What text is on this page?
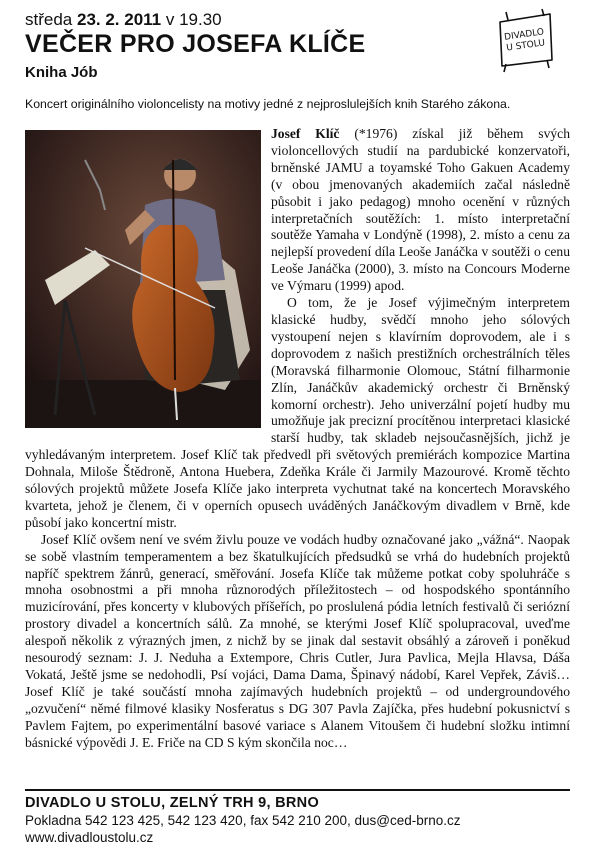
středa 23. 2. 2011 v 19.30
VEČER PRO JOSEFA KLÍČE
Kniha Jób
DIVADLO
U STOLU
Koncert originálního violoncelisty na motivy jedné z nejproslulejších knih Starého zákona.

Josef Klíč (*1976) získal již během svých violoncellových studií na pardubické konzervatoři, brněnské JAMU a toyamské Toho Gakuen Academy (v obou jmenovaných akademiích začal následně působit i jako pedagog) mnoho ocenění v různých interpretačních soutěžích: 1. místo interpretační soutěže Yamaha v Londýně (1998), 2. místo a cenu za nejlepší provedení díla Leoše Janáčka v soutěži o cenu Leoše Janáčka (2000), 3. místo na Concours Moderne ve Výmaru (1999) apod.

O tom, že je Josef výjimečným interpretem klasické hudby, svědčí mnoho jeho sólových vystoupení nejen s klavírním doprovodem, ale i s doprovodem z našich prestižních orchestrálních těles (Moravská filharmonie Olomouc, Státní filharmonie Zlín, Janáčkův akademický orchestr či Brněnský komorní orchestr). Jeho univerzální pojetí hudby mu umožňuje jak precizní procítěnou interpretaci klasické starší hudby, tak skladeb nejsoučasnějších, jichž je vyhledávaným interpretem. Josef Klíč tak předvedl při světových premiérách kompozice Martina Dohnala, Miloše Štědroně, Antona Huebera, Zdeňka Krále či Jarmily Mazourové. Kromě těchto sólových projektů můžete Josefa Klíče jako interpreta vychutnat také na koncertech Moravského kvarteta, jehož je členem, či v operních opusech uváděných Janáčkovým divadlem v Brně, kde působí jako koncertní mistr.

Josef Klíč ovšem není ve svém živlu pouze ve vodách hudby označované jako „vážná“. Naopak se sobě vlastním temperamentem a bez škatulkujících předsudků se vrhá do hudebních projektů napříč spektrem žánrů, generací, směřování. Josefa Klíče tak můžeme potkat coby spoluhráče s mnoha osobnostmi a při mnoha různorodých příležitostech – od hospodského spontánního muzicírování, přes koncerty v klubových příšeřích, po proslulená pódia letních festivalů či seriózní prostory divadel a koncertních sálů. Za mnohé, se kterými Josef Klíč spolupracoval, uveďme alespoň několik z výrazných jmen, z nichž by se jinak dal sestavit obsáhlý a zároveň i poněkud nesourodý seznam: J. J. Neduha a Extempore, Chris Cutler, Jura Pavlica, Mejla Hlavsa, Dáša Vokatá, Ještě jsme se nedohodli, Psí vojáci, Dama Dama, Špinavý nádobí, Karel Vepřek, Záviš… Josef Klíč je také součástí mnoha zajímavých hudebních projektů – od undergroundového „ozvučení“ němé filmové klasiky Nosferatus s DG 307 Pavla Zajíčka, přes hudební pokusnictví s Pavlem Fajtem, po experimentální basové variace s Alanem Vitoušem či hudební složku intimní básnické výpovědi J. E. Friče na CD S kým skončila noc…

DIVADLO U STOLU, ZELNÝ TRH 9, BRNO
Pokladna 542 123 425, 542 123 420, fax 542 210 200, dus@ced-brno.cz
www.divadloustolu.cz
